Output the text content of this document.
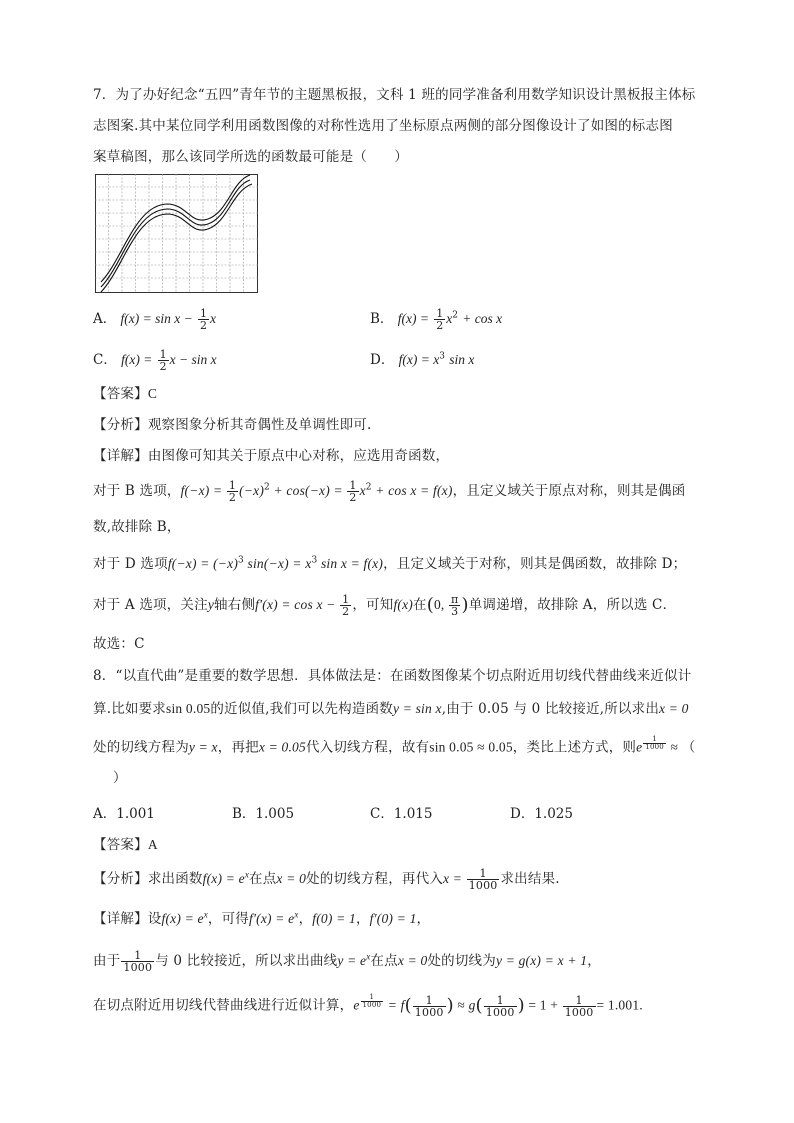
7．为了办好纪念“五四”青年节的主题黑板报，文科 1 班的同学准备利用数学知识设计黑板报主体标
志图案.其中某位同学利用函数图像的对称性选用了坐标原点两侧的部分图像设计了如图的标志图
案草稿图，那么该同学所选的函数最可能是（　　）
A． $f(x) = \sin x - \frac{1}{2}$ x	B． $f(x) = \frac{1}{2} x^2 + \cos x$
C． $f(x) = \frac{1}{2}$ x − sin x	D． $f(x) = x^3$ sin x
【答案】C
【分析】观察图象分析其奇偶性及单调性即可.
【详解】由图像可知其关于原点中心对称，应选用奇函数，
对于 B 选项，$f(-x) = \frac{1}{2} (-x)^2 + \cos(-x) = \frac{1}{2} x^2 + \cos x = f(x)$，且定义域关于原点对称，则其是偶函
数,故排除 B，
对于 D 选项$f(-x) = (-x)^3$ $\sin(-x) = x^3$ sin x = f(x)，且定义域关于对称，则其是偶函数，故排除 D；
对于 A 选项，关注y轴右侧$f'(x) = \cos x - \frac{1}{2}$ ，可知f(x)在(0, $\frac{\pi}{3}$ )单调递增，故排除 A，所以选 C．
故选：C
8．“以直代曲”是重要的数学思想．具体做法是：在函数图像某个切点附近用切线代替曲线来近似计
算.比如要求sin 0.05的近似值,我们可以先构造函数y = sin x,由于 0.05 与 0 比较接近,所以求出x = 0
处的切线方程为y = x，再把x = 0.05代入切线方程，故有sin 0.05 ≈ 0.05，类比上述方式，则e $^{\frac{1}{1000}}$ ≈ （
）
A．1.001	B．1.005	C．1.015	D．1.025
【答案】A
【分析】求出函数$f(x) = e^x$在点x = 0处的切线方程，再代入$x = \frac{1}{1000}$ 求出结果.
【详解】设$f(x) = e^x$，可得$f'(x) = e^x$，f(0) = 1，f′(0) = 1，
由于 $\frac{1}{1000}$ 与 0 比较接近，所以求出曲线$y = e^x$在点x = 0处的切线为y = g(x) = x + 1，
在切点附近用切线代替曲线进行近似计算，e $^{\frac{1}{1000}} = f( \frac{1}{1000}$ ) ≈ $g( \frac{1}{1000}$ ) = $1 + \frac{1}{1000} = 1.001$.
